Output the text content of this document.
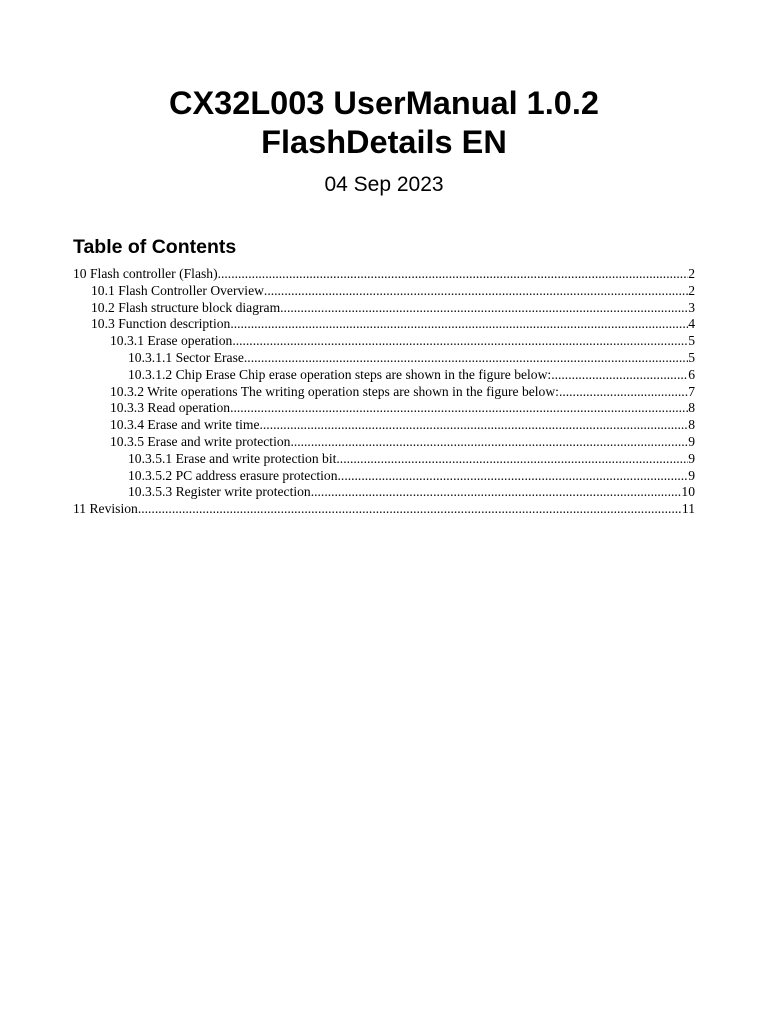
CX32L003 UserManual 1.0.2
FlashDetails EN
04 Sep 2023
Table of Contents
10 Flash controller (Flash) .....	2
10.1 Flash Controller Overview .....	2
10.2 Flash structure block diagram .....	3
10.3 Function description .....	4
10.3.1 Erase operation .....	5
10.3.1.1 Sector Erase .....	5
10.3.1.2 Chip Erase Chip erase operation steps are shown in the figure below: .....	6
10.3.2 Write operations The writing operation steps are shown in the figure below: .....	7
10.3.3 Read operation .....	8
10.3.4 Erase and write time .....	8
10.3.5 Erase and write protection .....	9
10.3.5.1 Erase and write protection bit .....	9
10.3.5.2 PC address erasure protection .....	9
10.3.5.3 Register write protection .....	10
11 Revision .....	11
